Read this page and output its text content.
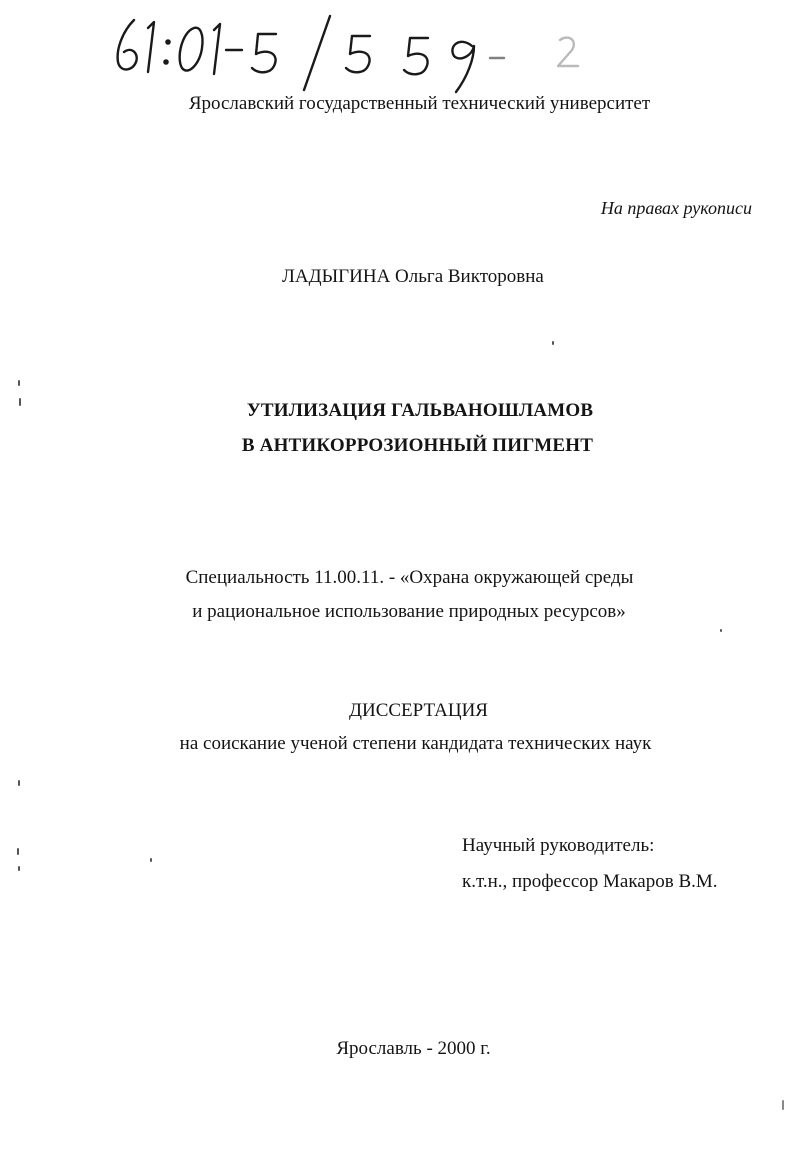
Ярославский государственный технический университет
На правах рукописи
ЛАДЫГИНА Ольга Викторовна
УТИЛИЗАЦИЯ ГАЛЬВАНОШЛАМОВ
В АНТИКОРРОЗИОННЫЙ ПИГМЕНТ
Специальность 11.00.11. - «Охрана окружающей среды
и рациональное использование природных ресурсов»
ДИССЕРТАЦИЯ
на соискание ученой степени кандидата технических наук
Научный руководитель:
к.т.н., профессор Макаров В.М.
Ярославль - 2000 г.
